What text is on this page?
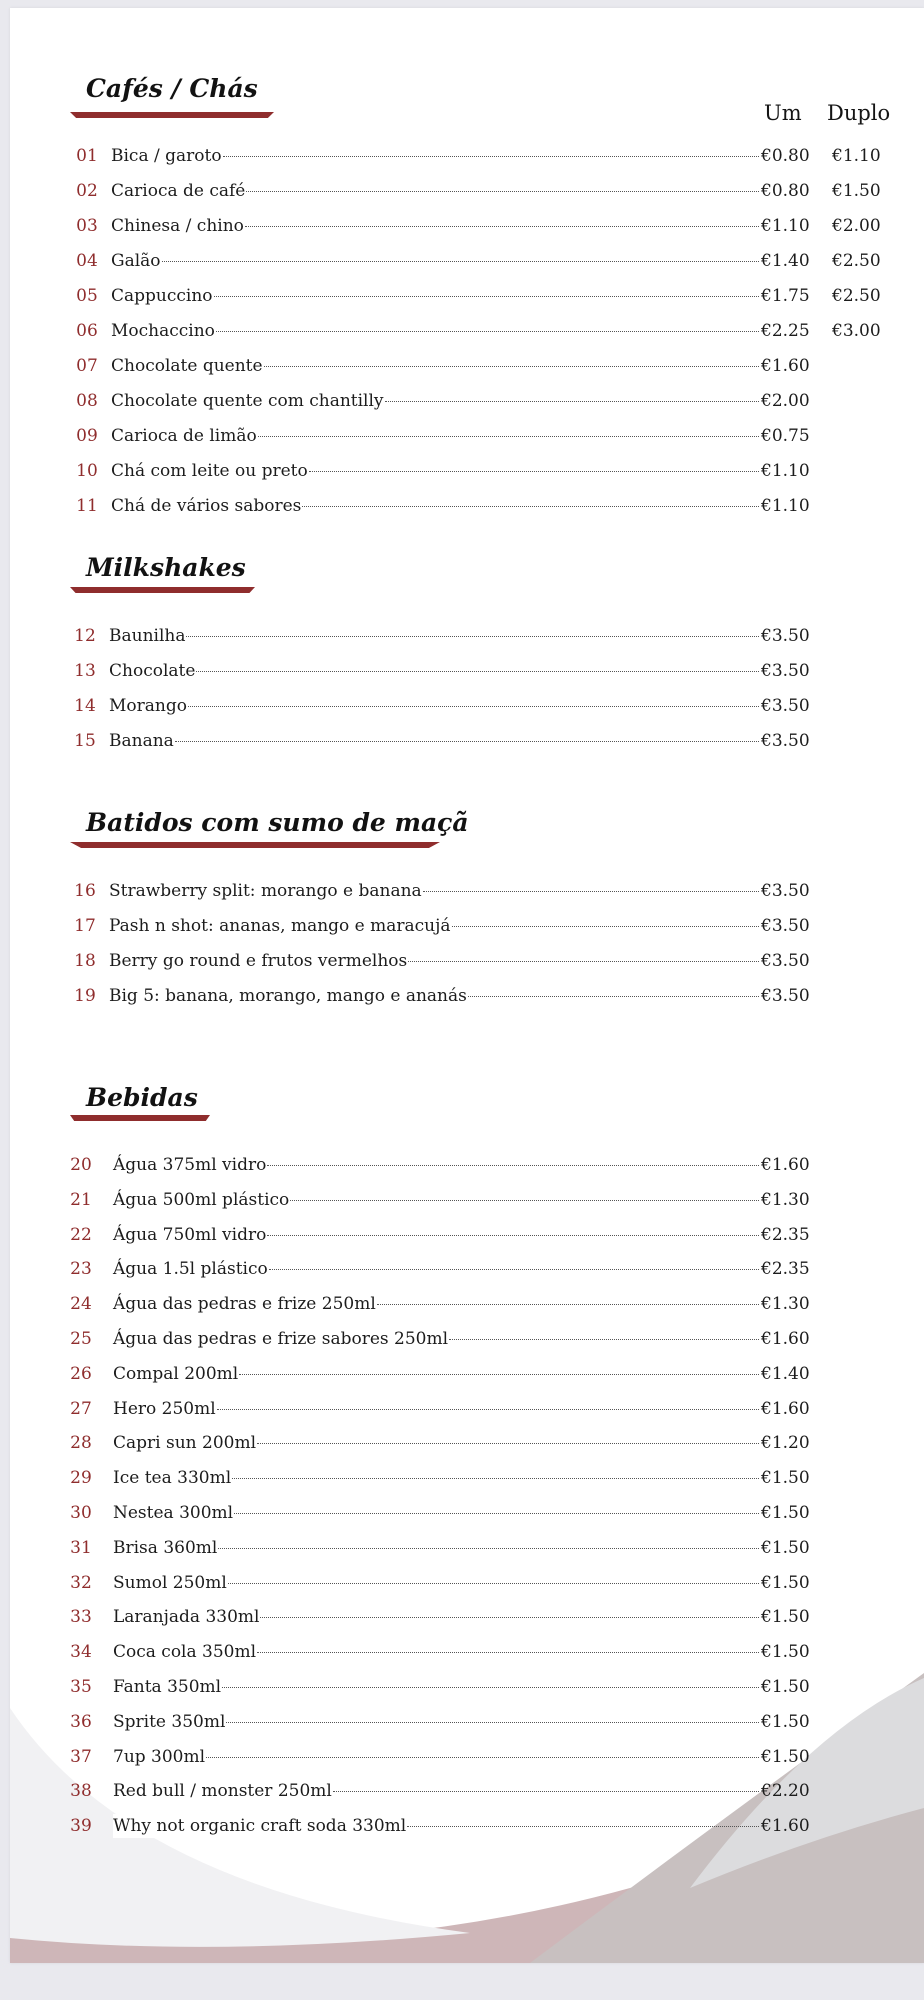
Cafés / Chás
Um Duplo
01 Bica / garoto	€0.80 €1.10
02 Carioca de café	€0.80 €1.50
03 Chinesa / chino	€1.10 €2.00
04 Galão	€1.40 €2.50
05 Cappuccino	€1.75 €2.50
06 Mochaccino	€2.25 €3.00
07 Chocolate quente	€1.60
08 Chocolate quente com chantilly	€2.00
09 Carioca de limão	€0.75
10 Chá com leite ou preto	€1.10
11 Chá de vários sabores	€1.10
Milkshakes
12 Baunilha	€3.50
13 Chocolate	€3.50
14 Morango	€3.50
15 Banana	€3.50
Batidos com sumo de maçã
16 Strawberry split: morango e banana	€3.50
17 Pash n shot: ananas, mango e maracujá	€3.50
18 Berry go round e frutos vermelhos	€3.50
19 Big 5: banana, morango, mango e ananás	€3.50
Bebidas
20	Água 375ml vidro	€1.60
21	Água 500ml plástico	€1.30
22	Água 750ml vidro	€2.35
23	Água 1.5l plástico	€2.35
24	Água das pedras e frize 250ml	€1.30
25	Água das pedras e frize sabores 250ml	€1.60
26	Compal 200ml	€1.40
27	Hero 250ml	€1.60
28	Capri sun 200ml	€1.20
29	Ice tea 330ml	€1.50
30	Nestea 300ml	€1.50
31	Brisa 360ml	€1.50
32	Sumol 250ml	€1.50
33	Laranjada 330ml	€1.50
34	Coca cola 350ml	€1.50
35	Fanta 350ml	€1.50
36	Sprite 350ml	€1.50
37	7up 300ml	€1.50
38	Red bull / monster 250ml	€2.20
39	Why not organic craft soda 330ml	€1.60
